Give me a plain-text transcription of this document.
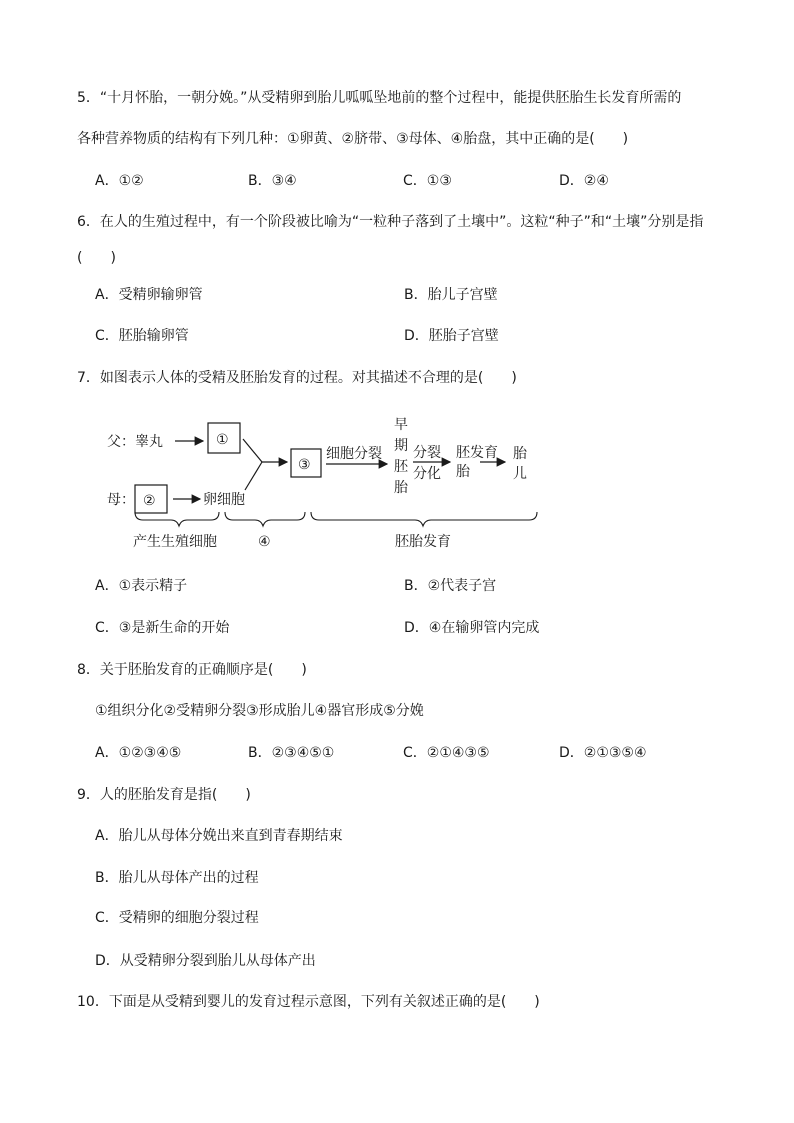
5．“十月怀胎，一朝分娩。”从受精卵到胎儿呱呱坠地前的整个过程中，能提供胚胎生长发育所需的
各种营养物质的结构有下列几种：①卵黄、②脐带、③母体、④胎盘，其中正确的是(　　)
A．①②	B．③④	C．①③	D．②④
6．在人的生殖过程中，有一个阶段被比喻为“一粒种子落到了土壤中”。这粒“种子”和“土壤”分别是指
(　　)
A．受精卵输卵管	B．胎儿子宫壁
C．胚胎输卵管	D．胚胎子宫壁
7．如图表示人体的受精及胚胎发育的过程。对其描述不合理的是(　　)
父：睾丸	①
母： ②	卵细胞
③
细胞分裂
早
期
胚
胎
分裂
分化
胚发育
胎
胎
儿
产生生殖细胞	④	胚胎发育
A．①表示精子	B．②代表子宫
C．③是新生命的开始	D．④在输卵管内完成
8．关于胚胎发育的正确顺序是(　　)
①组织分化②受精卵分裂③形成胎儿④器官形成⑤分娩
A．①②③④⑤	B．②③④⑤①	C．②①④③⑤	D．②①③⑤④
9．人的胚胎发育是指(　　)
A．胎儿从母体分娩出来直到青春期结束
B．胎儿从母体产出的过程
C．受精卵的细胞分裂过程
D．从受精卵分裂到胎儿从母体产出
10．下面是从受精到婴儿的发育过程示意图，下列有关叙述正确的是(　　)
